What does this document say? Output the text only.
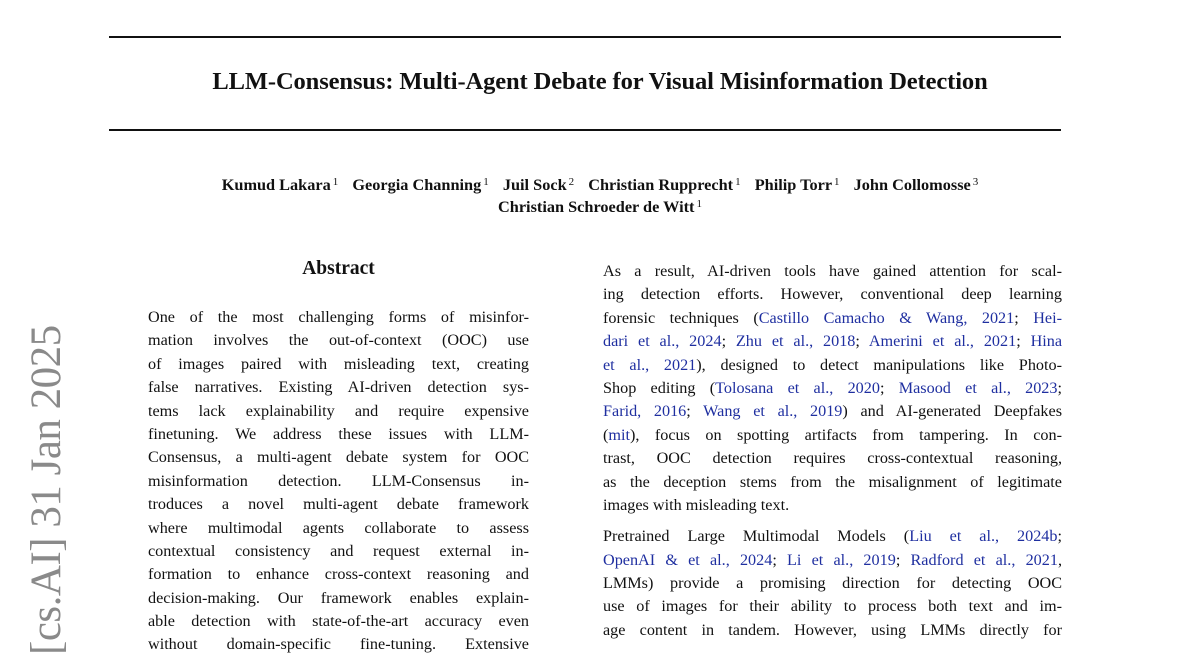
LLM-Consensus: Multi-Agent Debate for Visual Misinformation Detection
Kumud Lakara $^1$ Georgia Channing $^1$ Juil Sock $^2$ Christian Rupprecht $^1$ Philip Torr $^1$ John Collomosse $^3$
Christian Schroeder de Witt $^1$
[cs.AI] 31 Jan 2025
Abstract
One of the most challenging forms of misinfor-
mation involves the out-of-context (OOC) use
of images paired with misleading text, creating
false narratives. Existing AI-driven detection sys-
tems lack explainability and require expensive
finetuning. We address these issues with LLM-
Consensus, a multi-agent debate system for OOC
misinformation detection. LLM-Consensus in-
troduces a novel multi-agent debate framework
where multimodal agents collaborate to assess
contextual consistency and request external in-
formation to enhance cross-context reasoning and
decision-making. Our framework enables explain-
able detection with state-of-the-art accuracy even
without domain-specific fine-tuning. Extensive
As a result, AI-driven tools have gained attention for scal-
ing detection efforts. However, conventional deep learning
forensic techniques (Castillo Camacho & Wang, 2021; Hei-
dari et al., 2024; Zhu et al., 2018; Amerini et al., 2021; Hina
et al., 2021), designed to detect manipulations like Photo-
Shop editing (Tolosana et al., 2020; Masood et al., 2023;
Farid, 2016; Wang et al., 2019) and AI-generated Deepfakes
(mit), focus on spotting artifacts from tampering. In con-
trast, OOC detection requires cross-contextual reasoning,
as the deception stems from the misalignment of legitimate
images with misleading text.
Pretrained Large Multimodal Models (Liu et al., 2024b;
OpenAI & et al., 2024; Li et al., 2019; Radford et al., 2021,
LMMs) provide a promising direction for detecting OOC
use of images for their ability to process both text and im-
age content in tandem. However, using LMMs directly for
